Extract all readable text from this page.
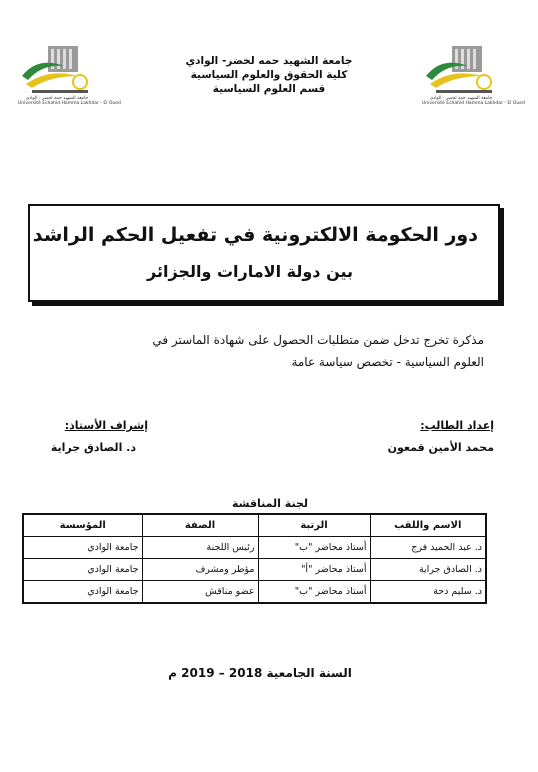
جامعة الشهيد حمة لخضر - الوادي
Université Echahid Hamma Lakhdar - El Oued
جامعة الشهيد حمة لخضر - الوادي
Université Echahid Hamma Lakhdar - El Oued
جامعة الشهيد حمه لخضر- الوادي
كلية الحقوق والعلوم السياسية
قسم العلوم السياسية
دور الحكومة الالكترونية في تفعيل الحكم الراشد
بين دولة الامارات والجزائر
مذكرة تخرج تدخل ضمن متطلبات الحصول على شهادة الماستر في
العلوم السياسية - تخصص سياسة عامة
إعداد الطالب:
محمد الأمين قمعون
إشراف الأستاذ:
د. الصادق جراية
لجنة المناقشة
الاسم واللقب	الرتبة	الصفة	المؤسسة
د. عبد الحميد فرج	أستاذ محاضر "ب"	رئيس اللجنة	جامعة الوادي
د. الصادق جراية	أستاذ محاضر "أ"	مؤطر ومشرف	جامعة الوادي
د. سليم دحة	أستاذ محاضر "ب"	عضو مناقش	جامعة الوادي
السنة الجامعية 2018 – 2019 م
